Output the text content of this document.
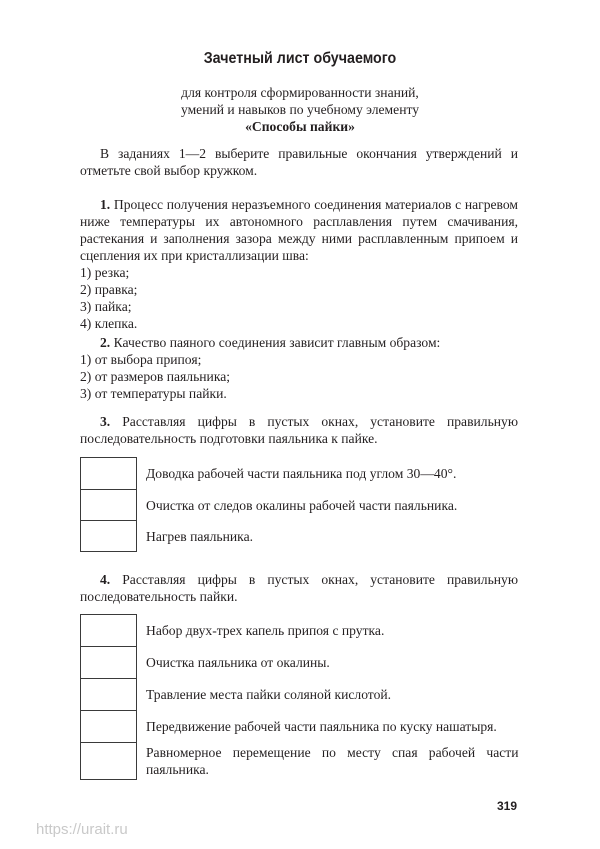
Зачетный лист обучаемого
для контроля сформированности знаний,
умений и навыков по учебному элементу
«Способы пайки»
В заданиях 1—2 выберите правильные окончания утверждений и отметьте свой выбор кружком.
1. Процесс получения неразъемного соединения материалов с нагревом ниже температуры их автономного расплавления путем смачивания, растекания и заполнения зазора между ними расплавленным припоем и сцепления их при кристаллизации шва:
1) резка;
2) правка;
3) пайка;
4) клепка.
2. Качество паяного соединения зависит главным образом:
1) от выбора припоя;
2) от размеров паяльника;
3) от температуры пайки.
3. Расставляя цифры в пустых окнах, установите правильную последовательность подготовки паяльника к пайке.
	Доводка рабочей части паяльника под углом 30—40°.
	Очистка от следов окалины рабочей части паяльника.
	Нагрев паяльника.
4. Расставляя цифры в пустых окнах, установите правильную последовательность пайки.
	Набор двух-трех капель припоя с прутка.
	Очистка паяльника от окалины.
	Травление места пайки соляной кислотой.
	Передвижение рабочей части паяльника по куску нашатыря.
	Равномерное перемещение по месту спая рабочей части паяльника.
319
https://urait.ru
